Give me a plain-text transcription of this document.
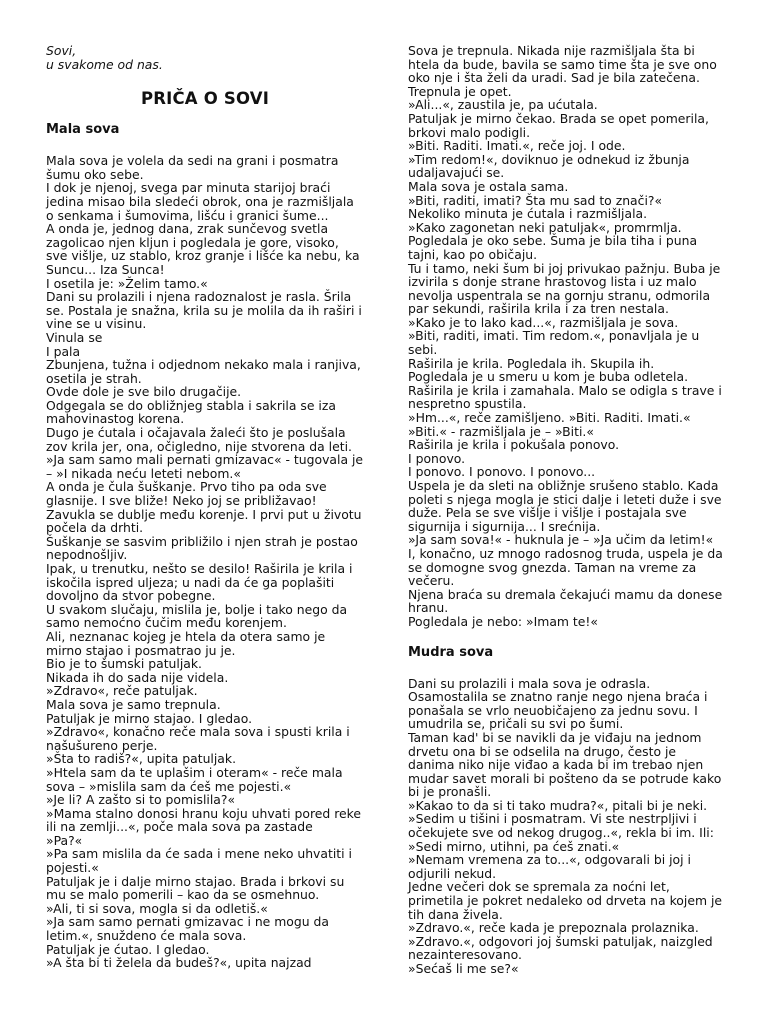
Sovi,
u svakome od nas.
PRIČA O SOVI
Mala sova
Mala sova je volela da sedi na grani i posmatra
šumu oko sebe.
I dok je njenoj, svega par minuta starijoj braći
jedina misao bila sledeći obrok, ona je razmišljala
o senkama i šumovima, lišću i granici šume...
A onda je, jednog dana, zrak sunčevog svetla
zagolicao njen kljun i pogledala je gore, visoko,
sve višlje, uz stablo, kroz granje i lišće ka nebu, ka
Suncu... Iza Sunca!
I osetila je: »Želim tamo.«
Dani su prolazili i njena radoznalost je rasla. Šrila
se. Postala je snažna, krila su je molila da ih raširi i
vine se u visinu.
Vinula se
I pala
Zbunjena, tužna i odjednom nekako mala i ranjiva,
osetila je strah.
Ovde dole je sve bilo drugačije.
Odgegala se do obližnjeg stabla i sakrila se iza
mahovinastog korena.
Dugo je ćutala i očajavala žaleći što je poslušala
zov krila jer, ona, očigledno, nije stvorena da leti.
»Ja sam samo mali pernati gmizavac« - tugovala je
– »I nikada neću leteti nebom.«
A onda je čula šuškanje. Prvo tiho pa oda sve
glasnije. I sve bliže! Neko joj se približavao!
Zavukla se dublje među korenje. I prvi put u životu
počela da drhti.
Šuškanje se sasvim približilo i njen strah je postao
nepodnošljiv.
Ipak, u trenutku, nešto se desilo! Raširila je krila i
iskočila ispred uljeza; u nadi da će ga poplašiti
dovoljno da stvor pobegne.
U svakom slučaju, mislila je, bolje i tako nego da
samo nemoćno čučim među korenjem.
Ali, neznanac kojeg je htela da otera samo je
mirno stajao i posmatrao ju je.
Bio je to šumski patuljak.
Nikada ih do sada nije videla.
»Zdravo«, reče patuljak.
Mala sova je samo trepnula.
Patuljak je mirno stajao. I gledao.
»Zdravo«, konačno reče mala sova i spusti krila i
našušureno perje.
»Šta to radiš?«, upita patuljak.
»Htela sam da te uplašim i oteram« - reče mala
sova – »mislila sam da ćeš me pojesti.«
»Je li? A zašto si to pomislila?«
»Mama stalno donosi hranu koju uhvati pored reke
ili na zemlji...«, poče mala sova pa zastade
»Pa?«
»Pa sam mislila da će sada i mene neko uhvatiti i
pojesti.«
Patuljak je i dalje mirno stajao. Brada i brkovi su
mu se malo pomerili – kao da se osmehnuo.
»Ali, ti si sova, mogla si da odletiš.«
»Ja sam samo pernati gmizavac i ne mogu da
letim.«, snuždeno će mala sova.
Patuljak je ćutao. I gledao.
»A šta bi ti želela da budeš?«, upita najzad
Sova je trepnula. Nikada nije razmišljala šta bi
htela da bude, bavila se samo time šta je sve ono
oko nje i šta želi da uradi. Sad je bila zatečena.
Trepnula je opet.
»Ali...«, zaustila je, pa ućutala.
Patuljak je mirno čekao. Brada se opet pomerila,
brkovi malo podigli.
»Biti. Raditi. Imati.«, reče joj. I ode.
»Tim redom!«, doviknuo je odnekud iz žbunja
udaljavajući se.
Mala sova je ostala sama.
»Biti, raditi, imati? Šta mu sad to znači?«
Nekoliko minuta je ćutala i razmišljala.
»Kako zagonetan neki patuljak«, promrmlja.
Pogledala je oko sebe. Šuma je bila tiha i puna
tajni, kao po običaju.
Tu i tamo, neki šum bi joj privukao pažnju. Buba je
izvirila s donje strane hrastovog lista i uz malo
nevolja uspentrala se na gornju stranu, odmorila
par sekundi, raširila krila i za tren nestala.
»Kako je to lako kad...«, razmišljala je sova.
»Biti, raditi, imati. Tim redom.«, ponavljala je u
sebi.
Raširila je krila. Pogledala ih. Skupila ih.
Pogledala je u smeru u kom je buba odletela.
Raširila je krila i zamahala. Malo se odigla s trave i
nespretno spustila.
»Hm...«, reče zamišljeno. »Biti. Raditi. Imati.«
»Biti.« - razmišljala je – »Biti.«
Raširila je krila i pokušala ponovo.
I ponovo.
I ponovo. I ponovo. I ponovo...
Uspela je da sleti na obližnje srušeno stablo. Kada
poleti s njega mogla je stici dalje i leteti duže i sve
duže. Pela se sve višlje i višlje i postajala sve
sigurnija i sigurnija... I srećnija.
»Ja sam sova!« - huknula je – »Ja učim da letim!«
I, konačno, uz mnogo radosnog truda, uspela je da
se domogne svog gnezda. Taman na vreme za
večeru.
Njena braća su dremala čekajući mamu da donese
hranu.
Pogledala je nebo: »Imam te!«
Mudra sova
Dani su prolazili i mala sova je odrasla.
Osamostalila se znatno ranje nego njena braća i
ponašala se vrlo neuobičajeno za jednu sovu. I
umudrila se, pričali su svi po šumi.
Taman kad' bi se navikli da je viđaju na jednom
drvetu ona bi se odselila na drugo, često je
danima niko nije viđao a kada bi im trebao njen
mudar savet morali bi pošteno da se potrude kako
bi je pronašli.
»Kakao to da si ti tako mudra?«, pitali bi je neki.
»Sedim u tišini i posmatram. Vi ste nestrpljivi i
očekujete sve od nekog drugog..«, rekla bi im. Ili:
»Sedi mirno, utihni, pa ćeš znati.«
»Nemam vremena za to...«, odgovarali bi joj i
odjurili nekud.
Jedne večeri dok se spremala za noćni let,
primetila je pokret nedaleko od drveta na kojem je
tih dana živela.
»Zdravo.«, reče kada je prepoznala prolaznika.
»Zdravo.«, odgovori joj šumski patuljak, naizgled
nezainteresovano.
»Sećaš li me se?«
